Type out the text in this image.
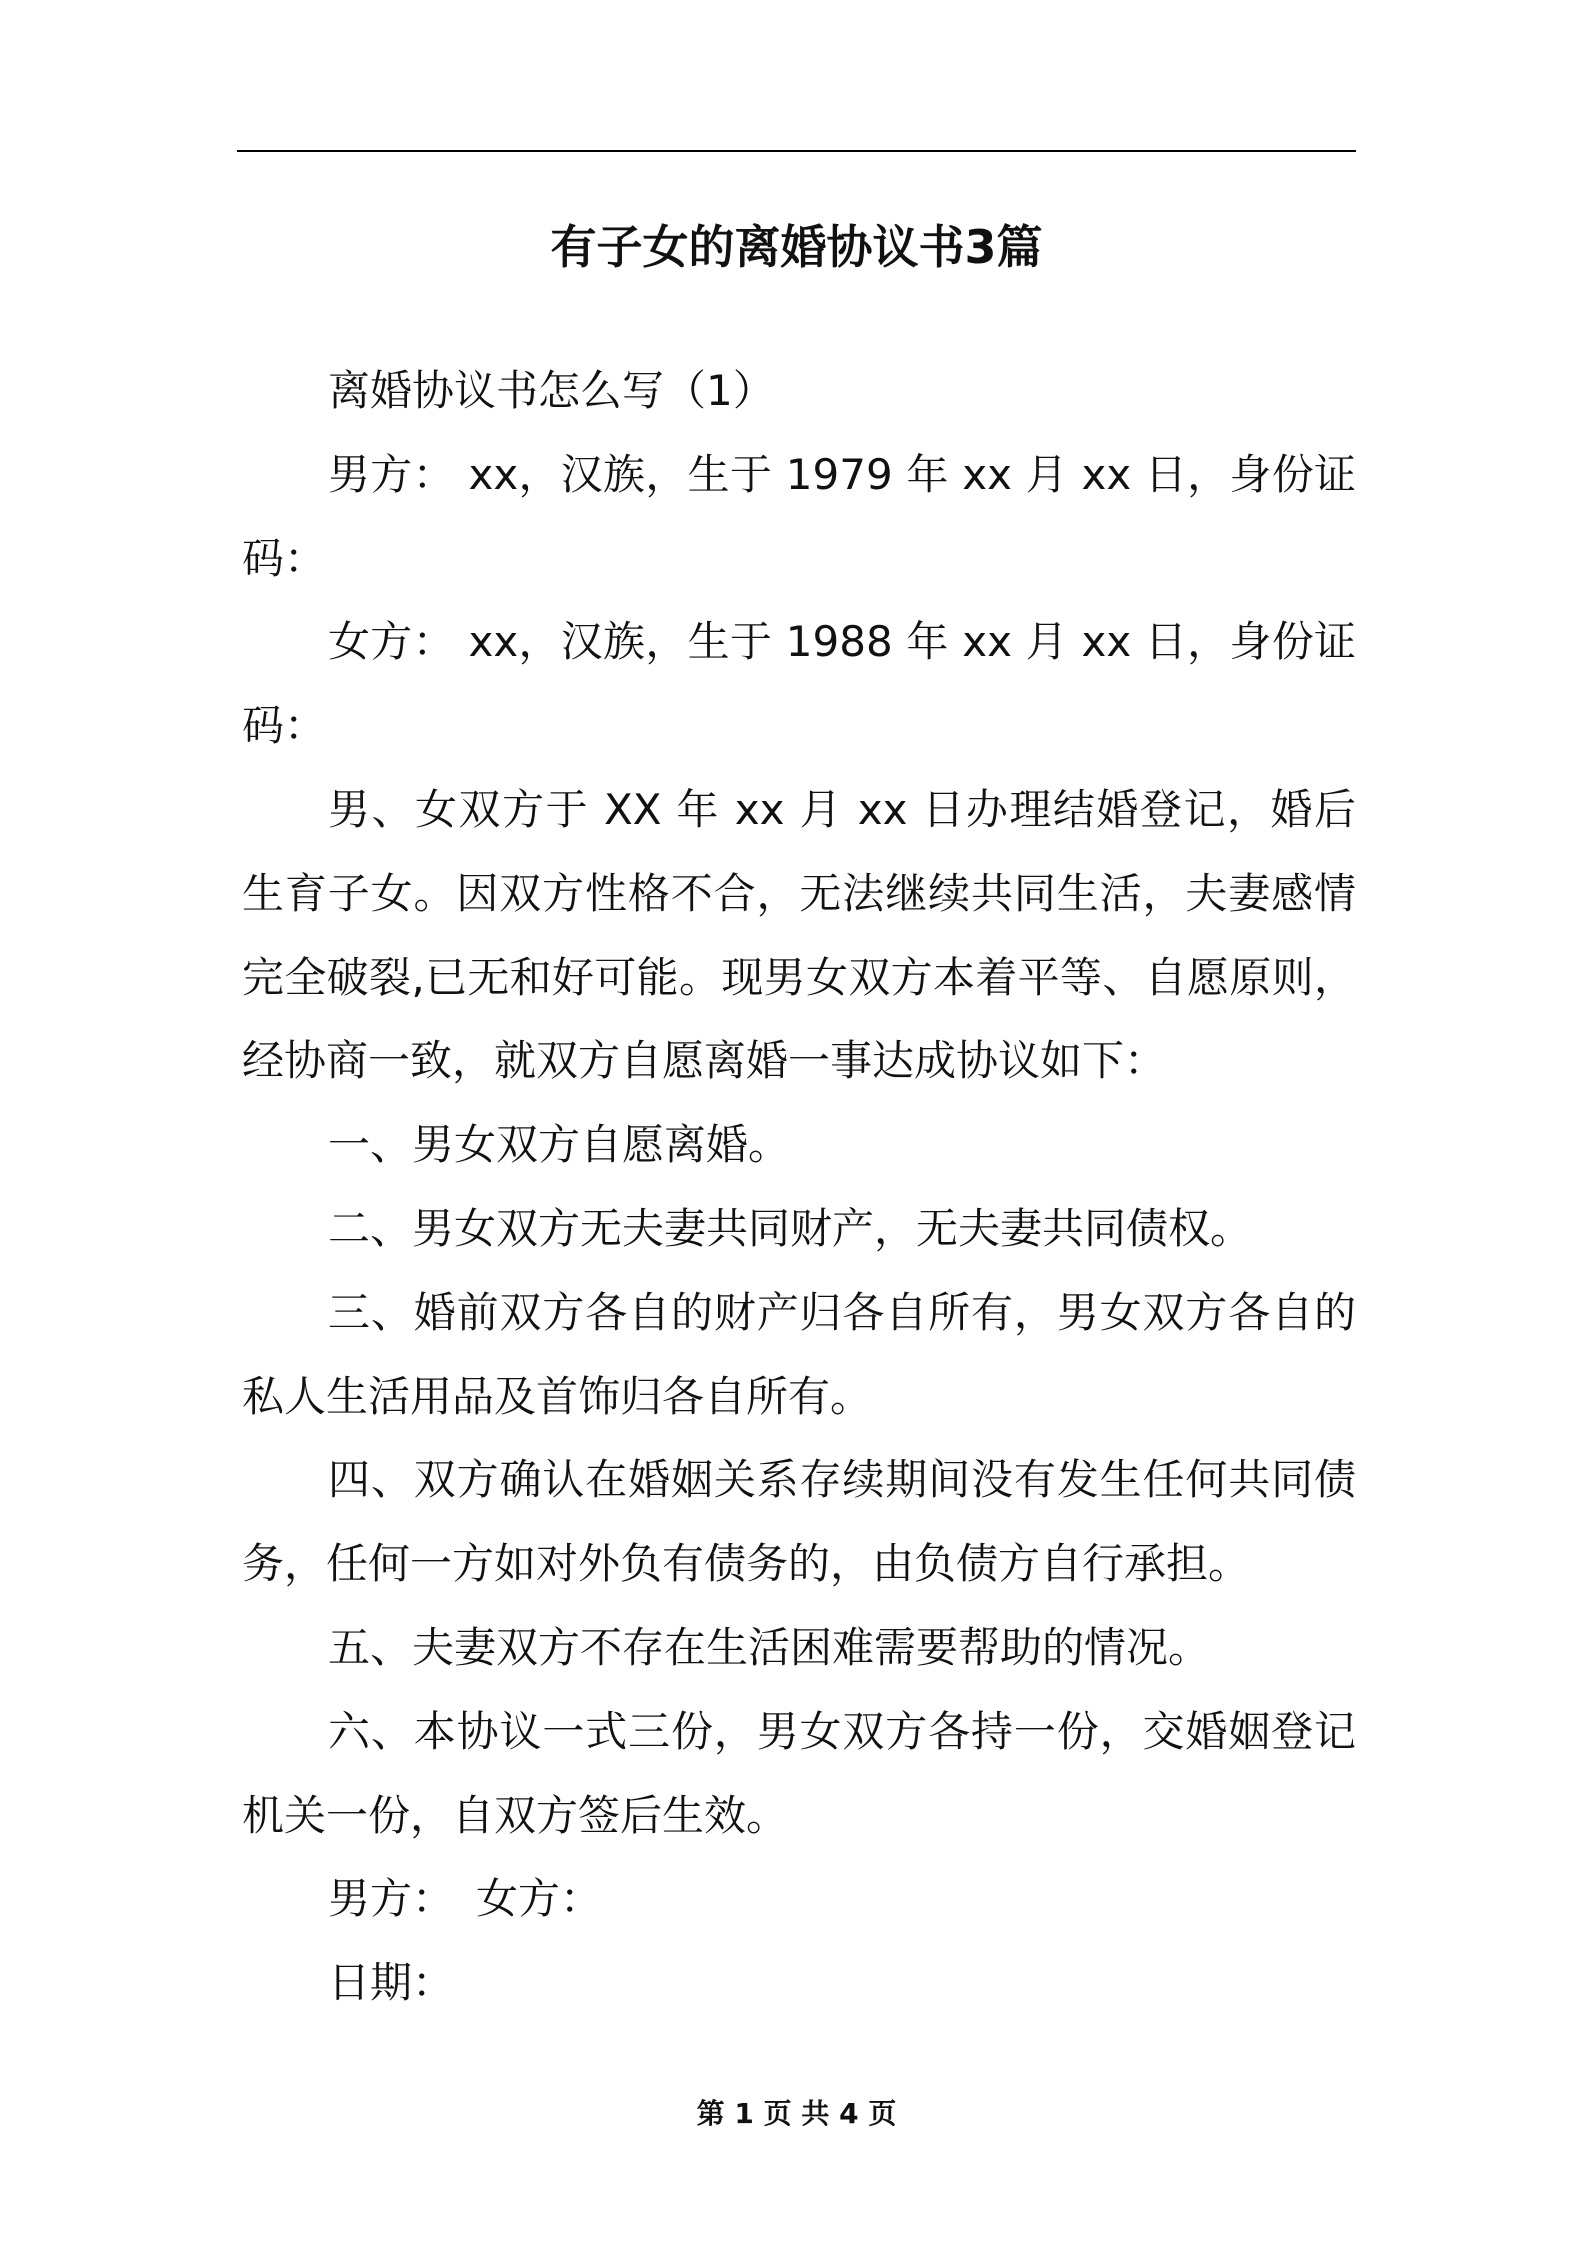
有子女的离婚协议书3篇
离婚协议书怎么写（1）
男方： xx，汉族，生于 1979 年 xx 月 xx 日，身份证
码：
女方： xx，汉族，生于 1988 年 xx 月 xx 日，身份证
码：
男、女双方于 XX 年 xx 月 xx 日办理结婚登记，婚后
生育子女。因双方性格不合，无法继续共同生活，夫妻感情
完全破裂,已无和好可能。现男女双方本着平等、自愿原则，
经协商一致，就双方自愿离婚一事达成协议如下：
一、男女双方自愿离婚。
二、男女双方无夫妻共同财产，无夫妻共同债权。
三、婚前双方各自的财产归各自所有，男女双方各自的
私人生活用品及首饰归各自所有。
四、双方确认在婚姻关系存续期间没有发生任何共同债
务，任何一方如对外负有债务的，由负债方自行承担。
五、夫妻双方不存在生活困难需要帮助的情况。
六、本协议一式三份，男女双方各持一份，交婚姻登记
机关一份，自双方签后生效。
男方： 女方：
日期：
第 1 页 共 4 页
